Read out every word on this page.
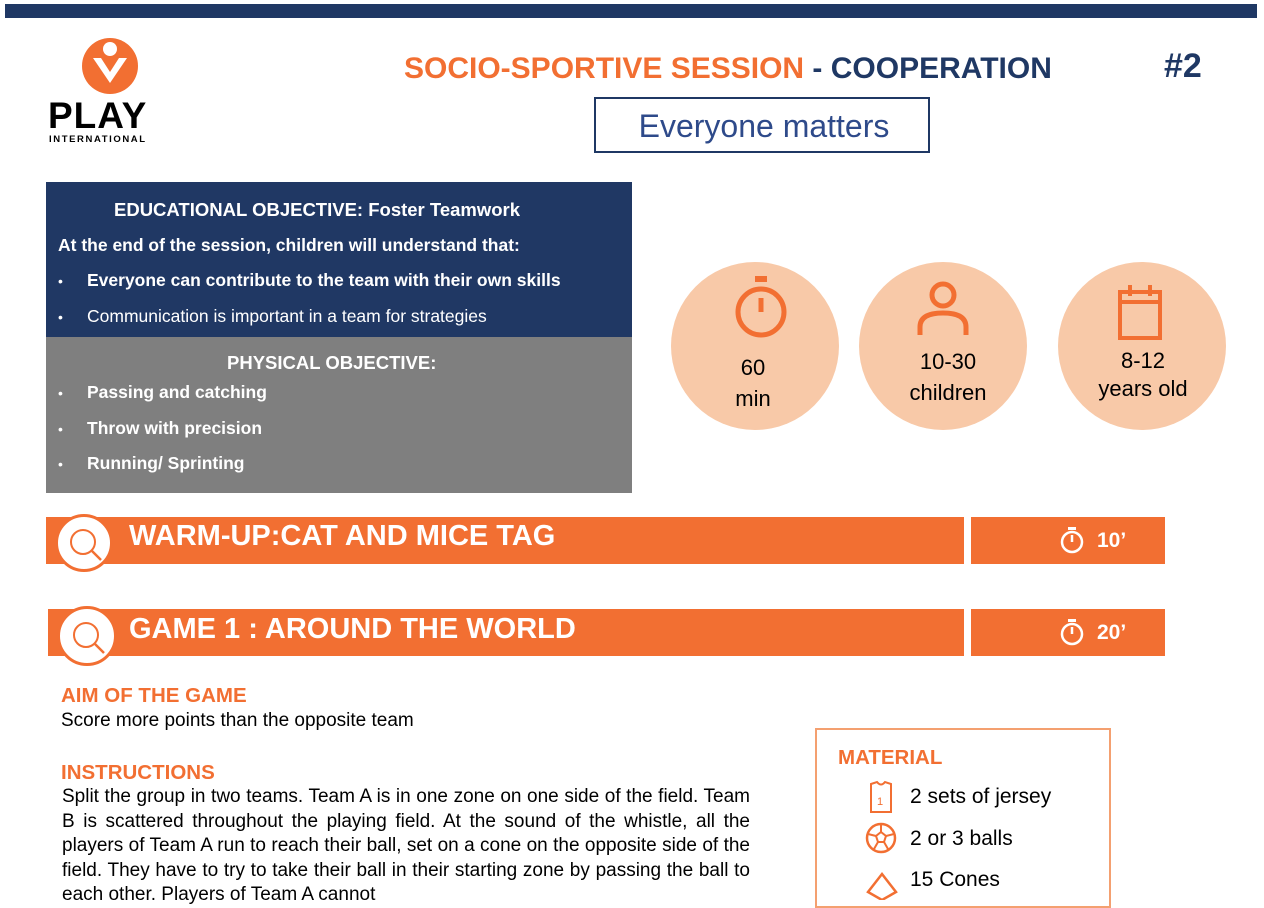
PLAY
INTERNATIONAL
SOCIO-SPORTIVE SESSION - COOPERATION	#2
Everyone matters
EDUCATIONAL OBJECTIVE: Foster Teamwork
At the end of the session, children will understand that:
• Everyone can contribute to the team with their own skills
• Communication is important in a team for strategies
PHYSICAL OBJECTIVE:
• Passing and catching
• Throw with precision
• Running/ Sprinting
60
min
10-30
children
8-12
years old
WARM-UP:CAT AND MICE TAG	10’
GAME 1 : AROUND THE WORLD	20’
AIM OF THE GAME
Score more points than the opposite team
INSTRUCTIONS
Split the group in two teams. Team A is in one zone on one side of the field. Team B is scattered throughout the playing field. At the sound of the whistle, all the players of Team A run to reach their ball, set on a cone on the opposite side of the field. They have to try to take their ball in their starting zone by passing the ball to each other. Players of Team A cannot
MATERIAL
1 2 sets of jersey
2 or 3 balls
15 Cones
